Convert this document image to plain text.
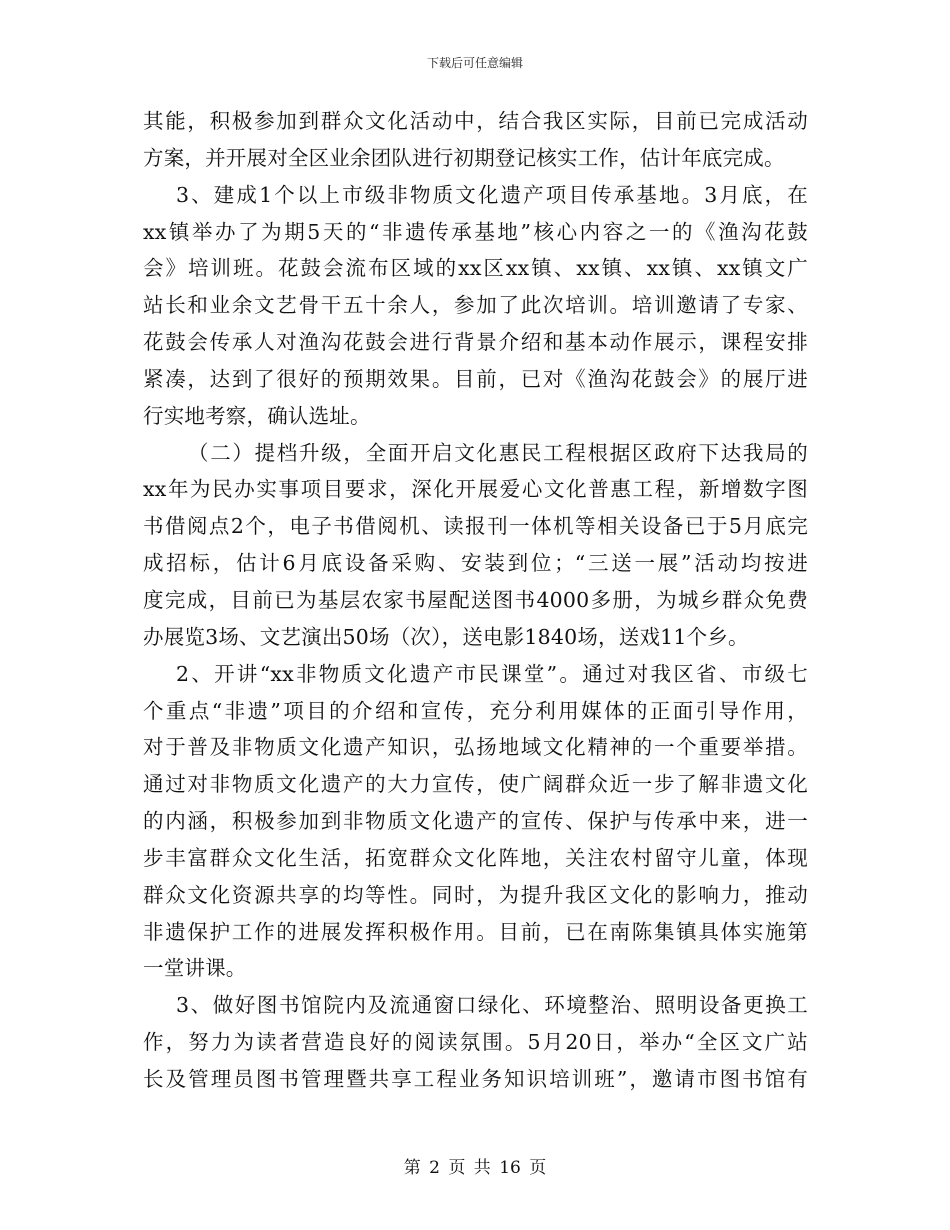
下载后可任意编辑
其能，积极参加到群众文化活动中，结合我区实际，目前已完成活动
方案，并开展对全区业余团队进行初期登记核实工作，估计年底完成。
3、建成1个以上市级非物质文化遗产项目传承基地。3月底，在
xx镇举办了为期5天的“非遗传承基地”核心内容之一的《渔沟花鼓
会》培训班。花鼓会流布区域的xx区xx镇、xx镇、xx镇、xx镇文广
站长和业余文艺骨干五十余人，参加了此次培训。培训邀请了专家、
花鼓会传承人对渔沟花鼓会进行背景介绍和基本动作展示，课程安排
紧凑，达到了很好的预期效果。目前，已对《渔沟花鼓会》的展厅进
行实地考察，确认选址。
（二）提档升级，全面开启文化惠民工程根据区政府下达我局的
xx年为民办实事项目要求，深化开展爱心文化普惠工程，新增数字图
书借阅点2个，电子书借阅机、读报刊一体机等相关设备已于5月底完
成招标，估计6月底设备采购、安装到位；“三送一展”活动均按进
度完成，目前已为基层农家书屋配送图书4000多册，为城乡群众免费
办展览3场、文艺演出50场（次），送电影1840场，送戏11个乡。
2、开讲“xx非物质文化遗产市民课堂”。通过对我区省、市级七
个重点“非遗”项目的介绍和宣传，充分利用媒体的正面引导作用，
对于普及非物质文化遗产知识，弘扬地域文化精神的一个重要举措。
通过对非物质文化遗产的大力宣传，使广阔群众近一步了解非遗文化
的内涵，积极参加到非物质文化遗产的宣传、保护与传承中来，进一
步丰富群众文化生活，拓宽群众文化阵地，关注农村留守儿童，体现
群众文化资源共享的均等性。同时，为提升我区文化的影响力，推动
非遗保护工作的进展发挥积极作用。目前，已在南陈集镇具体实施第
一堂讲课。
3、做好图书馆院内及流通窗口绿化、环境整治、照明设备更换工
作，努力为读者营造良好的阅读氛围。5月20日，举办“全区文广站
长及管理员图书管理暨共享工程业务知识培训班”，邀请市图书馆有
第 2 页 共 16 页
